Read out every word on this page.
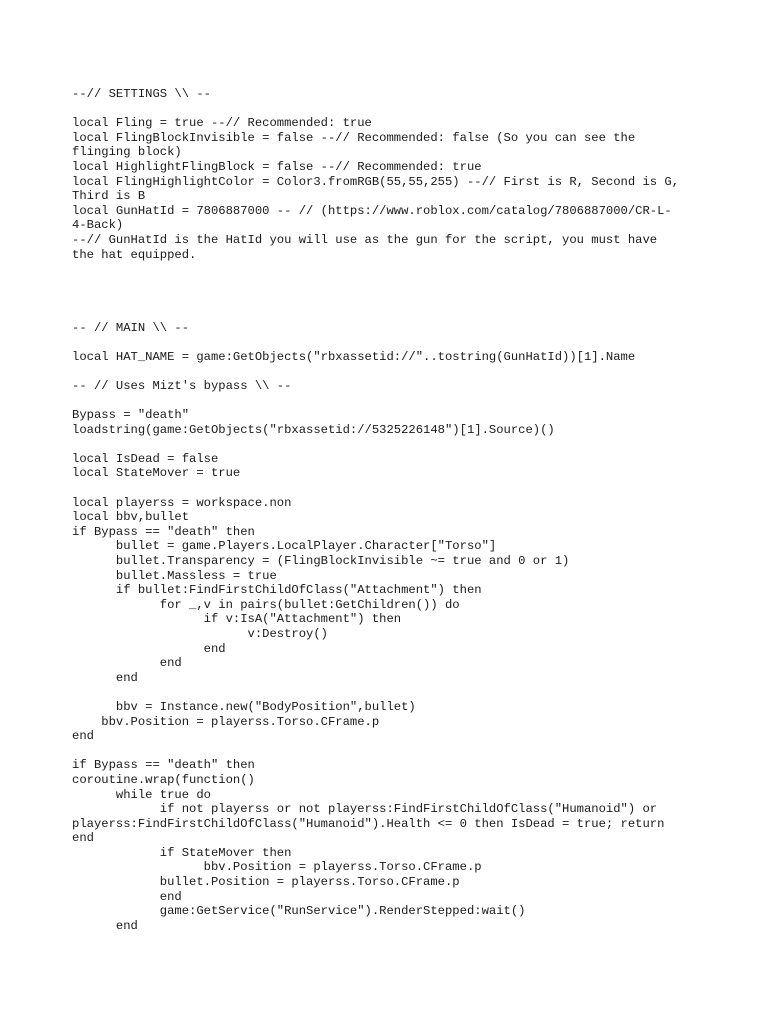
--// SETTINGS \\ --
local Fling = true --// Recommended: true
local FlingBlockInvisible = false --// Recommended: false (So you can see the
flinging block)
local HighlightFlingBlock = false --// Recommended: true
local FlingHighlightColor = Color3.fromRGB(55,55,255) --// First is R, Second is G,
Third is B
local GunHatId = 7806887000 -- // (https://www.roblox.com/catalog/7806887000/CR-L-
4-Back)
--// GunHatId is the HatId you will use as the gun for the script, you must have
the hat equipped.
-- // MAIN \\ --
local HAT_NAME = game:GetObjects("rbxassetid://"..tostring(GunHatId))[1].Name
-- // Uses Mizt's bypass \\ --
Bypass = "death"
loadstring(game:GetObjects("rbxassetid://5325226148")[1].Source)()
local IsDead = false
local StateMover = true
local playerss = workspace.non
local bbv,bullet
if Bypass == "death" then
bullet = game.Players.LocalPlayer.Character["Torso"]
bullet.Transparency = (FlingBlockInvisible ~= true and 0 or 1)
bullet.Massless = true
if bullet:FindFirstChildOfClass("Attachment") then
for _,v in pairs(bullet:GetChildren()) do
if v:IsA("Attachment") then
v:Destroy()
end
end
end
bbv = Instance.new("BodyPosition",bullet)
bbv.Position = playerss.Torso.CFrame.p
end
if Bypass == "death" then
coroutine.wrap(function()
while true do
if not playerss or not playerss:FindFirstChildOfClass("Humanoid") or
playerss:FindFirstChildOfClass("Humanoid").Health <= 0 then IsDead = true; return
end
if StateMover then
bbv.Position = playerss.Torso.CFrame.p
bullet.Position = playerss.Torso.CFrame.p
end
game:GetService("RunService").RenderStepped:wait()
end
